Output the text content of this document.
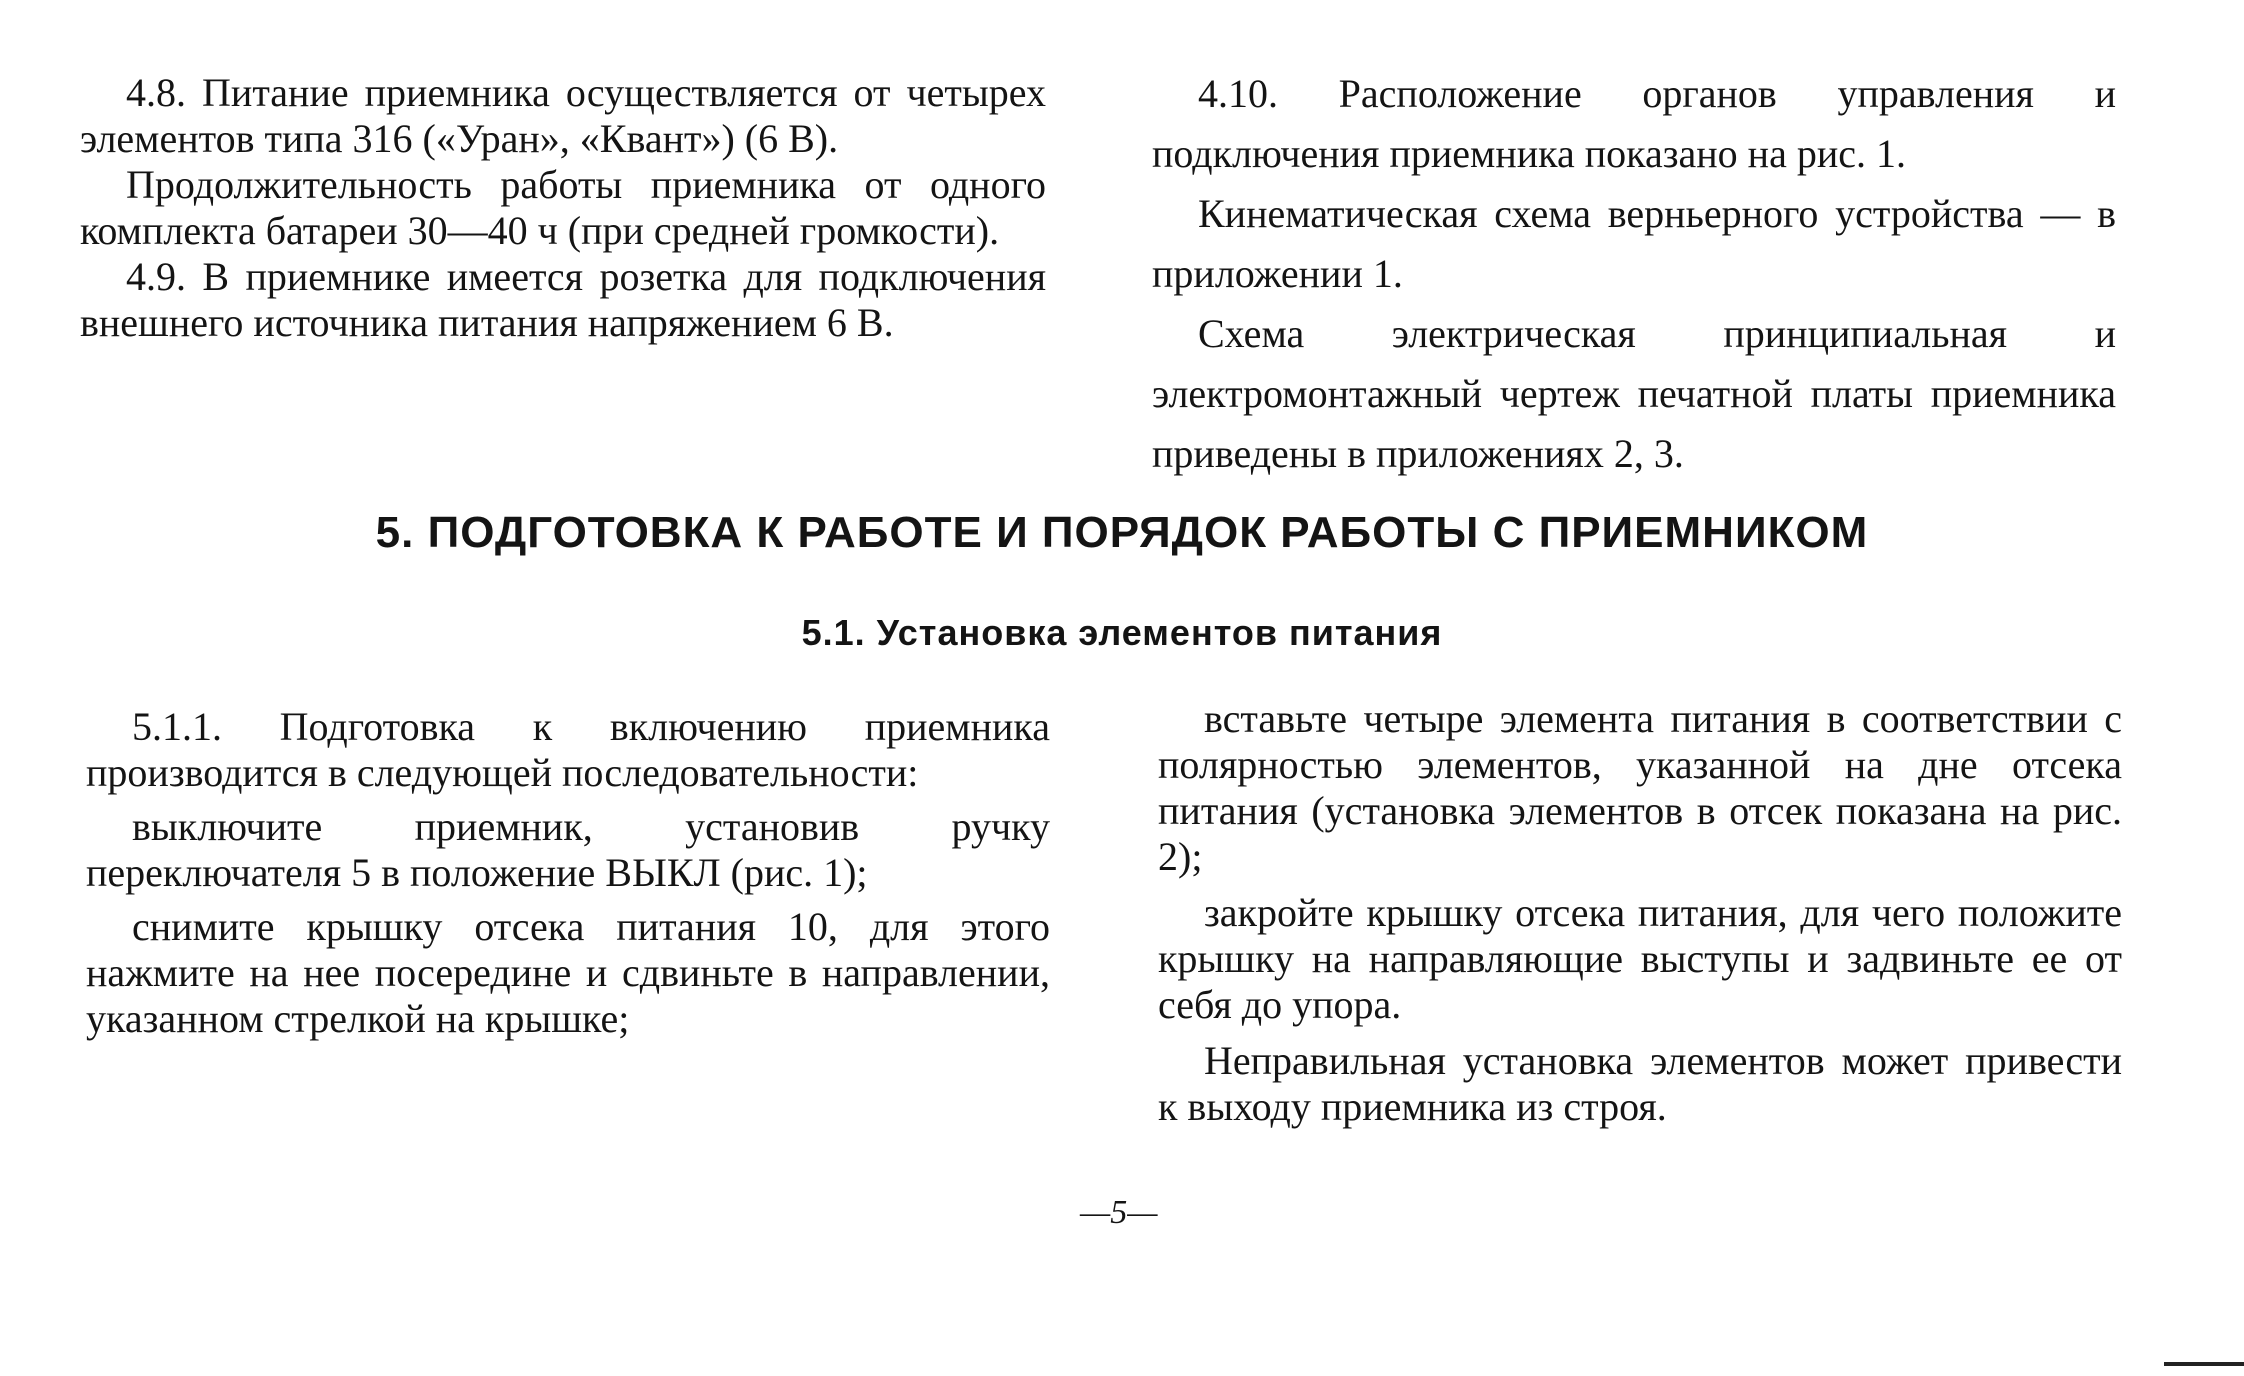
4.8. Питание приемника осуществляется от четырех элементов типа 316 («Уран», «Квант») (6 В).

Продолжительность работы приемника от одного комплекта батареи 30—40 ч (при средней громкости).

4.9. В приемнике имеется розетка для подключения внешнего источника питания напряжением 6 В.

4.10. Расположение органов управления и подключения приемника показано на рис. 1.

Кинематическая схема верньерного устройства — в приложении 1.

Схема электрическая принципиальная и электромонтажный чертеж печатной платы приемника приведены в приложениях 2, 3.

5. ПОДГОТОВКА К РАБОТЕ И ПОРЯДОК РАБОТЫ С ПРИЕМНИКОМ
5.1. Установка элементов питания

5.1.1. Подготовка к включению приемника производится в следующей последовательности:

выключите приемник, установив ручку переключателя 5 в положение ВЫКЛ (рис. 1);

снимите крышку отсека питания 10, для этого нажмите на нее посередине и сдвиньте в направлении, указанном стрелкой на крышке;

вставьте четыре элемента питания в соответствии с полярностью элементов, указанной на дне отсека питания (установка элементов в отсек показана на рис. 2);

закройте крышку отсека питания, для чего положите крышку на направляющие выступы и задвиньте ее от себя до упора.

Неправильная установка элементов может привести к выходу приемника из строя.

—5—
